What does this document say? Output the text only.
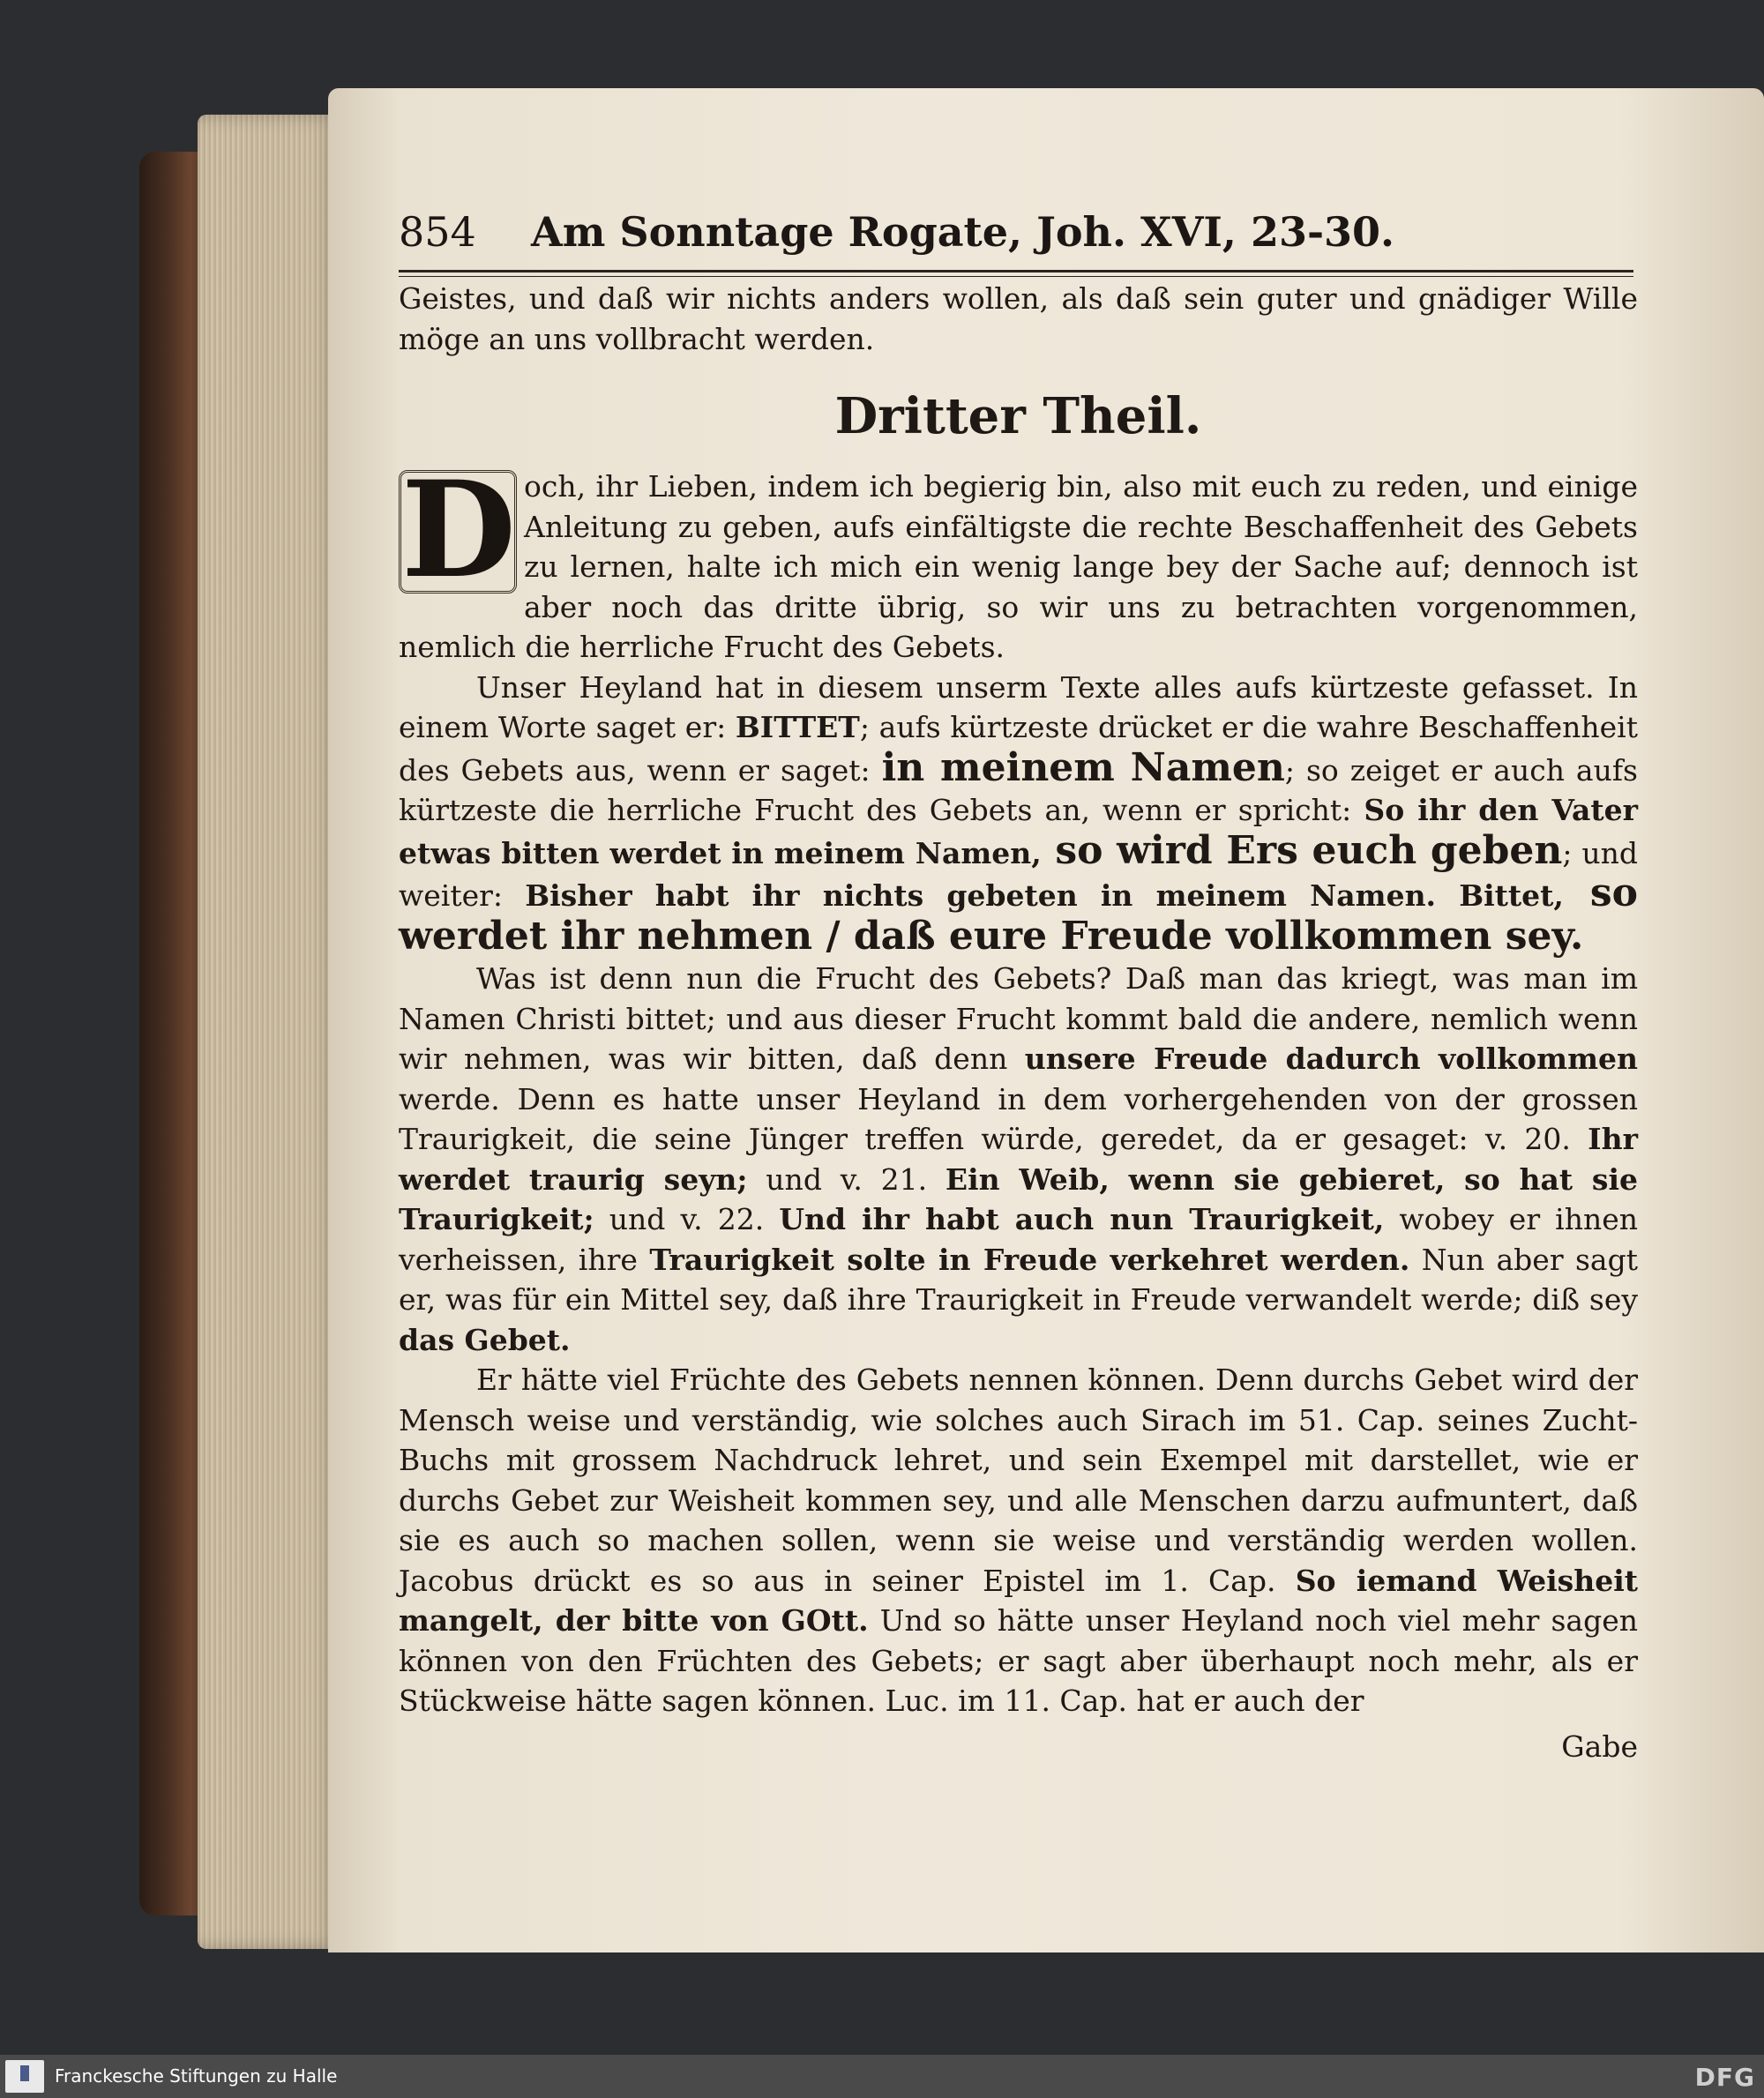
854 Am Sonntage Rogate, Joh. XVI, 23-30.

Geistes, und daß wir nichts anders wollen, als daß sein guter und gnädiger Wille möge an uns vollbracht werden.

Dritter Theil.

D och, ihr Lieben, indem ich begierig bin, also mit euch zu reden, und einige Anleitung zu geben, aufs einfältigste die rechte Beschaffenheit des Gebets zu lernen, halte ich mich ein wenig lange bey der Sache auf; dennoch ist aber noch das dritte übrig, so wir uns zu betrachten vorgenommen, nemlich die herrliche Frucht des Gebets.

Unser Heyland hat in diesem unserm Texte alles aufs kürtzeste gefasset. In einem Worte saget er: BITTET; aufs kürtzeste drücket er die wahre Beschaffenheit des Gebets aus, wenn er saget: in meinem Namen; so zeiget er auch aufs kürtzeste die herrliche Frucht des Gebets an, wenn er spricht: So ihr den Vater etwas bitten werdet in meinem Namen, so wird Ers euch geben; und weiter: Bisher habt ihr nichts gebeten in meinem Namen. Bittet, so werdet ihr nehmen / daß eure Freude vollkommen sey.

Was ist denn nun die Frucht des Gebets? Daß man das kriegt, was man im Namen Christi bittet; und aus dieser Frucht kommt bald die andere, nemlich wenn wir nehmen, was wir bitten, daß denn unsere Freude dadurch vollkommen werde. Denn es hatte unser Heyland in dem vorhergehenden von der grossen Traurigkeit, die seine Jünger treffen würde, geredet, da er gesaget: v. 20. Ihr werdet traurig seyn; und v. 21. Ein Weib, wenn sie gebieret, so hat sie Traurigkeit; und v. 22. Und ihr habt auch nun Traurigkeit, wobey er ihnen verheissen, ihre Traurigkeit solte in Freude verkehret werden. Nun aber sagt er, was für ein Mittel sey, daß ihre Traurigkeit in Freude verwandelt werde; diß sey das Gebet.

Er hätte viel Früchte des Gebets nennen können. Denn durchs Gebet wird der Mensch weise und verständig, wie solches auch Sirach im 51. Cap. seines Zucht-Buchs mit grossem Nachdruck lehret, und sein Exempel mit darstellet, wie er durchs Gebet zur Weisheit kommen sey, und alle Menschen darzu aufmuntert, daß sie es auch so machen sollen, wenn sie weise und verständig werden wollen. Jacobus drückt es so aus in seiner Epistel im 1. Cap. So iemand Weisheit mangelt, der bitte von GOtt. Und so hätte unser Heyland noch viel mehr sagen können von den Früchten des Gebets; er sagt aber überhaupt noch mehr, als er Stückweise hätte sagen können. Luc. im 11. Cap. hat er auch der

Gabe
Franckesche Stiftungen zu Halle	DFG
